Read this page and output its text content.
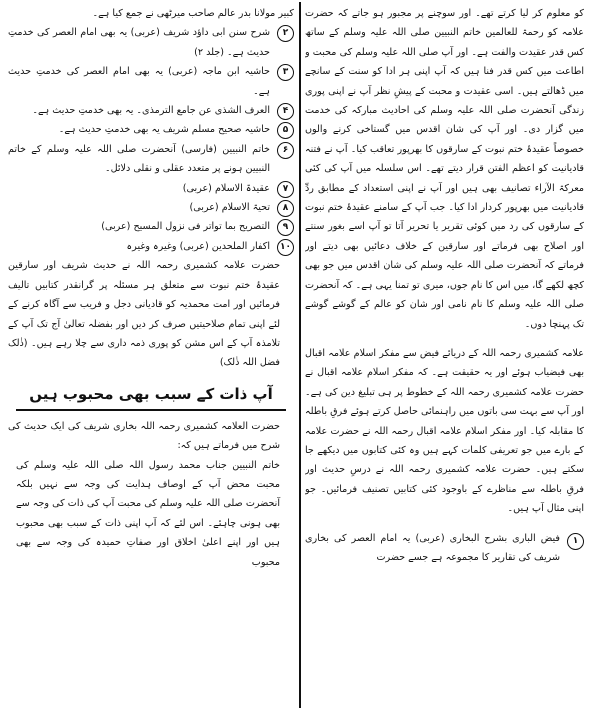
کو معلوم کر لیا کرتے تھے۔ اور سوچنے پر مجبور ہو جاتے کہ حضرت علامہ کو رحمۃ للعالمین خاتم النبیین صلی اللہ علیہ وسلم کے ساتھ کس قدر عقیدت والفت ہے۔ اور آپ صلی اللہ علیہ وسلم کی محبت و اطاعت میں کس قدر فنا ہیں کہ آپ اپنی ہر ادا کو سنت کے سانچے میں ڈھالتے ہیں۔ اسی عقیدت و محبت کے پیشِ نظر آپ نے اپنی پوری زندگی آنحضرت صلی اللہ علیہ وسلم کی احادیث مبارکہ کی خدمت میں گزار دی۔ اور آپ کی شان اقدس میں گستاخی کرنے والوں خصوصاً عقیدۂ ختم نبوت کے سارقوں کا بھرپور تعاقب کیا۔ آپ نے فتنہ قادیانیت کو اعظم الفتن قرار دیتے تھے۔ اس سلسلہ میں آپ کی کئی معرکۃ الآراء تصانیف بھی ہیں اور آپ نے اپنی استعداد کے مطابق ردِّ قادیانیت میں بھرپور کردار ادا کیا۔ جب آپ کے سامنے عقیدۂ ختم نبوت کے سارقوں کی رد میں کوئی تقریر یا تحریر آتا تو آپ اسے بغور سنتے اور اصلاح بھی فرماتے اور سارقین کے خلاف دعائیں بھی دیتے اور فرماتے کہ آنحضرت صلی اللہ علیہ وسلم کی شان اقدس میں جو بھی کچھ لکھے گا، میں اس کا نام جوں، میری تو تمنا یہی ہے۔ کہ آنحضرت صلی اللہ علیہ وسلم کا نام نامی اور شان کو عالم کے گوشے گوشے تک پہنچا دوں۔

علامہ کشمیری رحمہ اللہ کے دریائے فیض سے مفکر اسلام علامہ اقبال بھی فیضیاب ہوئے اور یہ حقیقت ہے۔ کہ مفکر اسلام علامہ اقبال نے حضرت علامہ کشمیری رحمہ اللہ کے خطوط پر ہی تبلیغ دین کی ہے۔ اور آپ سے بہت سی باتوں میں راہنمائی حاصل کرتے ہوئے فرقِ باطلہ کا مقابلہ کیا۔ اور مفکر اسلام علامہ اقبال رحمہ اللہ نے حضرت علامہ کے بارے میں جو تعریفی کلمات کہے ہیں وہ کئی کتابوں میں دیکھے جا سکتے ہیں۔ حضرت علامہ کشمیری رحمہ اللہ نے درسِ حدیث اور فرقِ باطلہ سے مناظرے کے باوجود کئی کتابیں تصنیف فرمائیں۔ جو اپنی مثال آپ ہیں۔

۱
فیض الباری بشرح البخاری (عربی) یہ امام العصر کی بخاری شریف کی تقاریر کا مجموعہ ہے جسے حضرت

کبیر مولانا بدر عالم صاحب میرٹھی نے جمع کیا ہے۔

۲
شرح سنن ابی داؤد شریف (عربی) یہ بھی امام العصر کی خدمتِ حدیث ہے۔ (جلد ۲)
۳
حاشیہ ابن ماجہ (عربی) یہ بھی امام العصر کی خدمتِ حدیث ہے۔
۴
العرف الشذی عن جامع الترمذی۔ یہ بھی خدمتِ حدیث ہے۔
۵
حاشیہ صحیح مسلم شریف یہ بھی خدمتِ حدیث ہے۔
۶
خاتم النبیین (فارسی) آنحضرت صلی اللہ علیہ وسلم کے خاتم النبیین ہونے پر متعدد عقلی و نقلی دلائل۔
۷
عقیدۃ الاسلام (عربی)
۸
تحیۃ الاسلام (عربی)
۹
التصریح بما تواتر فی نزول المسیح (عربی)
۱۰
اکفار الملحدین (عربی) وغیرہ وغیرہ

حضرت علامہ کشمیری رحمہ اللہ نے حدیث شریف اور سارقین عقیدۂ ختم نبوت سے متعلق ہر مسئلہ پر گرانقدر کتابیں تالیف فرمائیں اور امت محمدیہ کو قادیانی دجل و فریب سے آگاہ کرنے کے لئے اپنی تمام صلاحیتیں صرف کر دیں اور بفضلہ تعالیٰ آج تک آپ کے تلامذہ آپ کے اس مشن کو پوری ذمہ داری سے چلا رہے ہیں۔ (ذٰلک فضل اللہ ذٰلک)

آپ ذات کے سبب بھی محبوب ہیں

حضرت العلامہ کشمیری رحمہ اللہ بخاری شریف کی ایک حدیث کی شرح میں فرماتے ہیں کہ:

خاتم النبیین جناب محمد رسول اللہ صلی اللہ علیہ وسلم کی محبت محض آپ کے اوصاف ہدایت کی وجہ سے نہیں بلکہ آنحضرت صلی اللہ علیہ وسلم کی محبت آپ کی ذات کی وجہ سے بھی ہونی چاہئے۔ اس لئے کہ آپ اپنی ذات کے سبب بھی محبوب ہیں اور اپنے اعلیٰ اخلاق اور صفاتِ حمیدہ کی وجہ سے بھی محبوب
